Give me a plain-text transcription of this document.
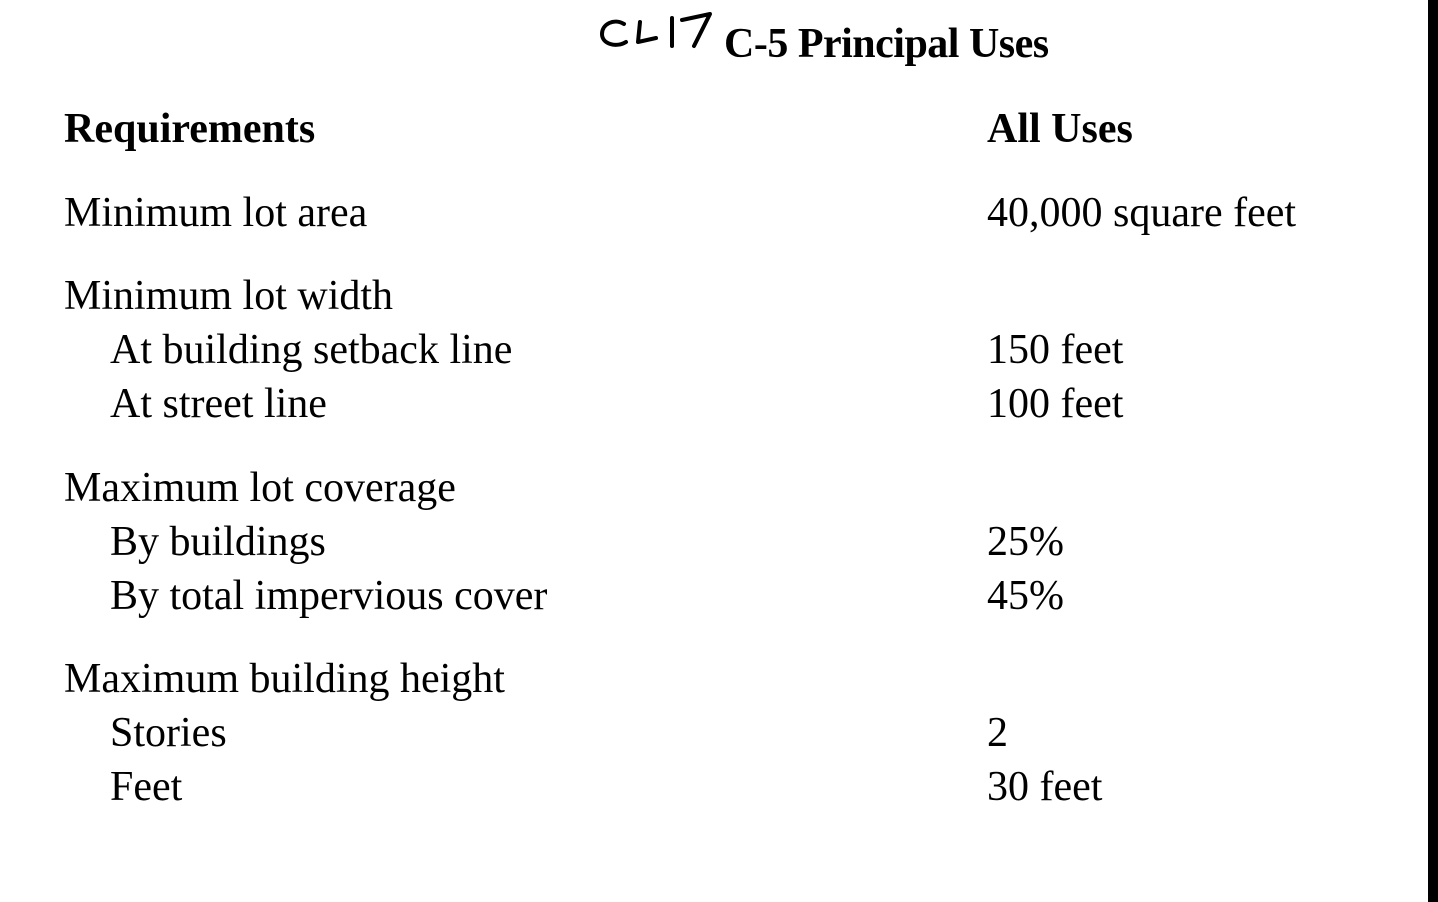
C-5 Principal Uses
Requirements	All Uses
Minimum lot area	40,000 square feet
Minimum lot width
At building setback line	150 feet
At street line	100 feet
Maximum lot coverage
By buildings	25%
By total impervious cover	45%
Maximum building height
Stories	2
Feet	30 feet
